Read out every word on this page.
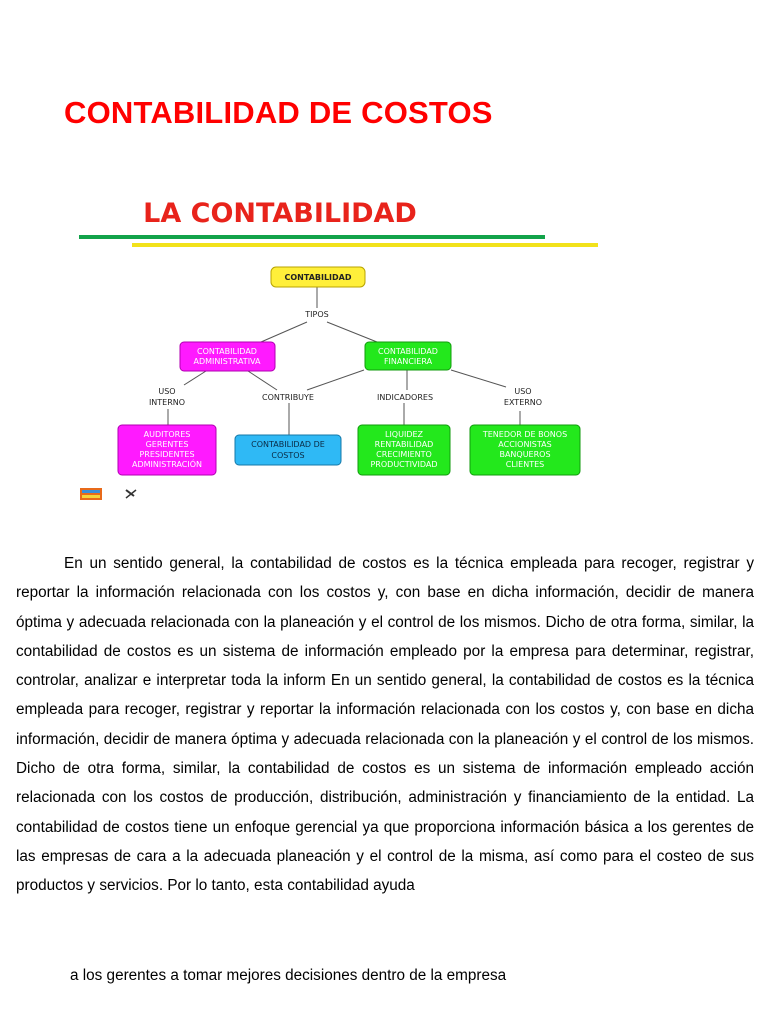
CONTABILIDAD DE COSTOS
LA CONTABILIDAD
CONTABILIDAD
TIPOS
CONTABILIDAD
ADMINISTRATIVA
CONTABILIDAD
FINANCIERA
USO
INTERNO
CONTRIBUYE	INDICADORES
USO
EXTERNO
AUDITORES
GERENTES
PRESIDENTES
ADMINISTRACIÓN
CONTABILIDAD DE
COSTOS
LIQUIDEZ
RENTABILIDAD
CRECIMIENTO
PRODUCTIVIDAD
TENEDOR DE BONOS
ACCIONISTAS
BANQUEROS
CLIENTES

En un sentido general, la contabilidad de costos es la técnica empleada para recoger, registrar y reportar la información relacionada con los costos y, con base en dicha información, decidir de manera óptima y adecuada relacionada con la planeación y el control de los mismos. Dicho de otra forma, similar, la contabilidad de costos es un sistema de información empleado por la empresa para determinar, registrar, controlar, analizar e interpretar toda la inform En un sentido general, la contabilidad de costos es la técnica empleada para recoger, registrar y reportar la información relacionada con los costos y, con base en dicha información, decidir de manera óptima y adecuada relacionada con la planeación y el control de los mismos. Dicho de otra forma, similar, la contabilidad de costos es un sistema de información empleado acción relacionada con los costos de producción, distribución, administración y financiamiento de la entidad. La contabilidad de costos tiene un enfoque gerencial ya que proporciona información básica a los gerentes de las empresas de cara a la adecuada planeación y el control de la misma, así como para el costeo de sus productos y servicios. Por lo tanto, esta contabilidad ayuda

a los gerentes a tomar mejores decisiones dentro de la empresa
